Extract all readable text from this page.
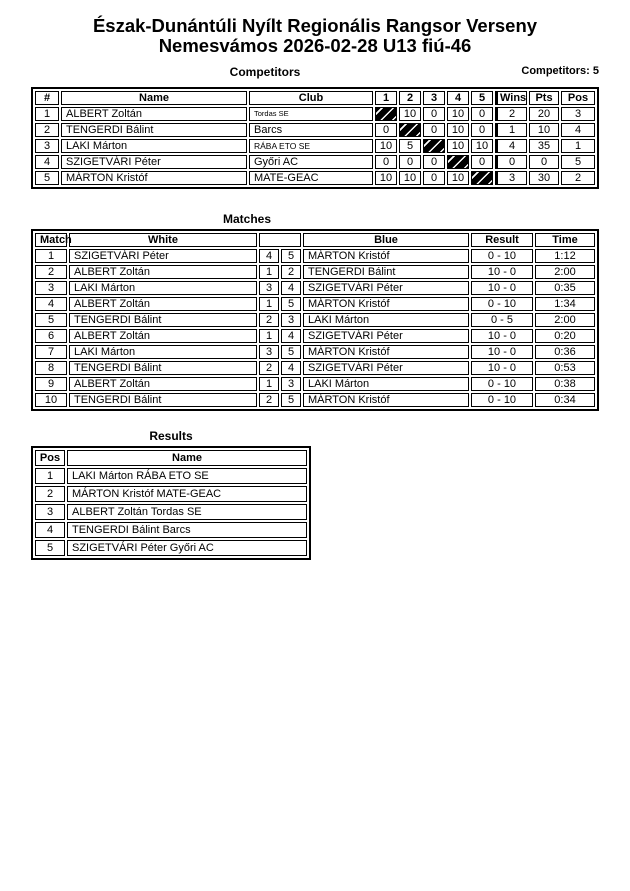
Észak-Dunántúli Nyílt Regionális Rangsor Verseny
Nemesvámos 2026-02-28 U13 fiú-46
Competitors	Competitors: 5
#	Name	Club	1	2	3	4	5	Wins	Pts	Pos
1	ALBERT Zoltán	Tordas SE		10	0	10	0	2	20	3
2	TENGERDI Bálint	Barcs	0		0	10	0	1	10	4
3	LAKI Márton	RÁBA ETO SE	10	5		10	10	4	35	1
4	SZIGETVÁRI Péter	Győri AC	0	0	0		0	0	0	5
5	MÁRTON Kristóf	MATE-GEAC	10	10	0	10		3	30	2
Matches
Match	White			Blue	Result	Time
1	SZIGETVÁRI Péter	4	5	MÁRTON Kristóf	0 - 10	1:12
2	ALBERT Zoltán	1	2	TENGERDI Bálint	10 - 0	2:00
3	LAKI Márton	3	4	SZIGETVÁRI Péter	10 - 0	0:35
4	ALBERT Zoltán	1	5	MÁRTON Kristóf	0 - 10	1:34
5	TENGERDI Bálint	2	3	LAKI Márton	0 - 5	2:00
6	ALBERT Zoltán	1	4	SZIGETVÁRI Péter	10 - 0	0:20
7	LAKI Márton	3	5	MÁRTON Kristóf	10 - 0	0:36
8	TENGERDI Bálint	2	4	SZIGETVÁRI Péter	10 - 0	0:53
9	ALBERT Zoltán	1	3	LAKI Márton	0 - 10	0:38
10	TENGERDI Bálint	2	5	MÁRTON Kristóf	0 - 10	0:34
Results
Pos	Name
1	LAKI Márton RÁBA ETO SE
2	MÁRTON Kristóf MATE-GEAC
3	ALBERT Zoltán Tordas SE
4	TENGERDI Bálint Barcs
5	SZIGETVÁRI Péter Győri AC
